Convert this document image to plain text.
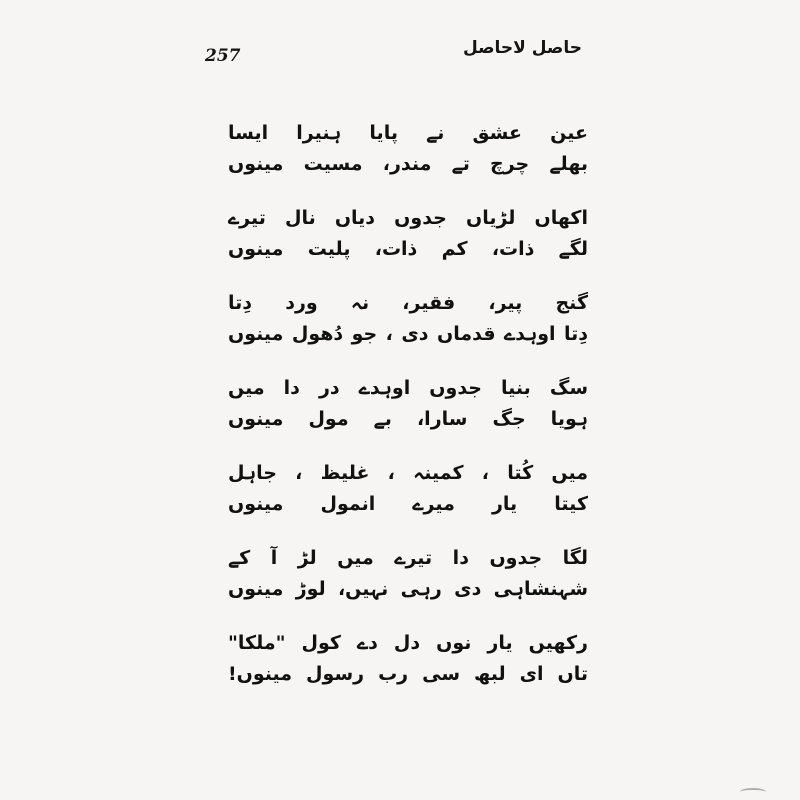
257	حاصل لاحاصل
عین عشق نے پایا ہنیرا ایسا
بھلے چرچ تے مندر، مسیت مینوں
اکھاں لڑیاں جدوں دیاں نال تیرے
لگے ذات، کم ذات، پلیت مینوں
گنج پیر، فقیر، نہ ورد دِتا
دِتا اوہدے قدماں دی ، جو دُھول مینوں
سگ بنیا جدوں اوہدے در دا میں
ہویا جگ سارا، بے مول مینوں
میں کُتا ، کمینہ ، غلیظ ، جاہل
کیتا یار میرے انمول مینوں
لگا جدوں دا تیرے میں لڑ آ کے
شہنشاہی دی رہی نہیں، لوڑ مینوں
رکھیں یار نوں دل دے کول "ملکا"
تاں ای لبھ سی رب رسول مینوں!
